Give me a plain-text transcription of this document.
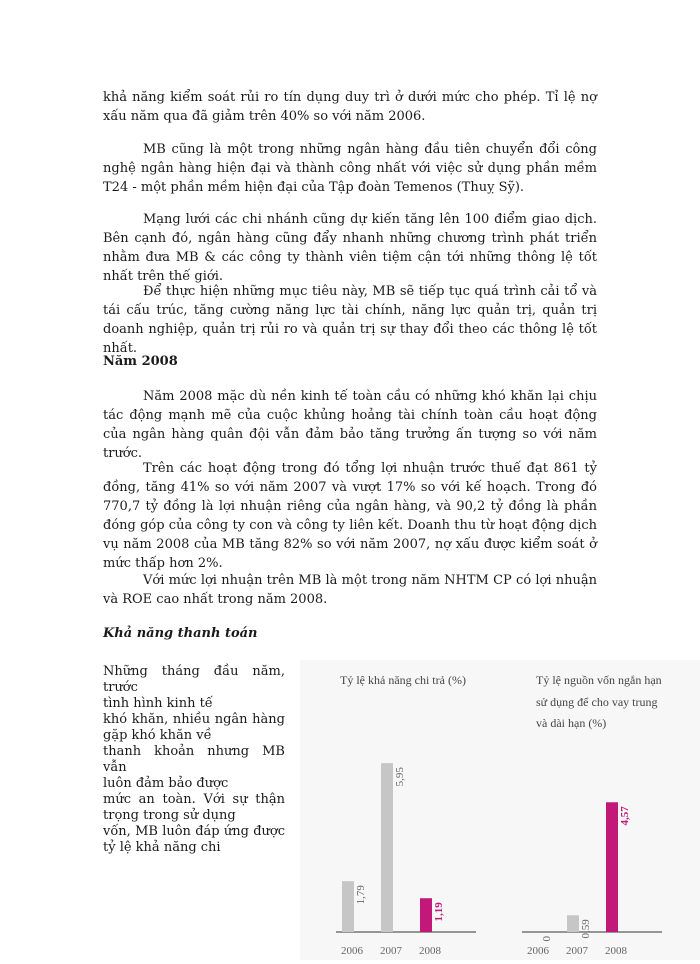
khả năng kiểm soát rủi ro tín dụng duy trì ở dưới mức cho phép. Tỉ lệ nợ xấu năm qua đã giảm trên 40% so với năm 2006.

MB cũng là một trong những ngân hàng đầu tiên chuyển đổi công nghệ ngân hàng hiện đại và thành công nhất với việc sử dụng phần mềm T24 - một phần mềm hiện đại của Tập đoàn Temenos (Thuỵ Sỹ).

Mạng lưới các chi nhánh cũng dự kiến tăng lên 100 điểm giao dịch. Bên cạnh đó, ngân hàng cũng đẩy nhanh những chương trình phát triển nhằm đưa MB & các công ty thành viên tiệm cận tới những thông lệ tốt nhất trên thế giới.

Để thực hiện những mục tiêu này, MB sẽ tiếp tục quá trình cải tổ và tái cấu trúc, tăng cường năng lực tài chính, năng lực quản trị, quản trị doanh nghiệp, quản trị rủi ro và quản trị sự thay đổi theo các thông lệ tốt nhất.

Năm 2008

Năm 2008 mặc dù nền kinh tế toàn cầu có những khó khăn lại chịu tác động mạnh mẽ của cuộc khủng hoảng tài chính toàn cầu hoạt động của ngân hàng quân đội vẫn đảm bảo tăng trưởng ấn tượng so với năm trước.

Trên các hoạt động trong đó tổng lợi nhuận trước thuế đạt 861 tỷ đồng, tăng 41% so với năm 2007 và vượt 17% so với kế hoạch. Trong đó 770,7 tỷ đồng là lợi nhuận riêng của ngân hàng, và 90,2 tỷ đồng là phần đóng góp của công ty con và công ty liên kết. Doanh thu từ hoạt động dịch vụ năm 2008 của MB tăng 82% so với năm 2007, nợ xấu được kiểm soát ở mức thấp hơn 2%.

Với mức lợi nhuận trên MB là một trong năm NHTM CP có lợi nhuận và ROE cao nhất trong năm 2008.

Khả năng thanh toán
Những tháng đầu năm, trước
tình hình kinh tế
khó khăn, nhiều ngân hàng
gặp khó khăn về
thanh khoản nhưng MB vẫn
luôn đảm bảo được
mức an toàn. Với sự thận
trọng trong sử dụng
vốn, MB luôn đáp ứng được
tỷ lệ khả năng chi
Tỷ lệ khả năng chi trả (%)	Tỷ lệ nguồn vốn ngắn hạn
sử dụng để cho vay trung
và dài hạn (%)
1,79
2006
5,95
2007
1,19
2008
0
2006
0,59
2007
4,57
2008
